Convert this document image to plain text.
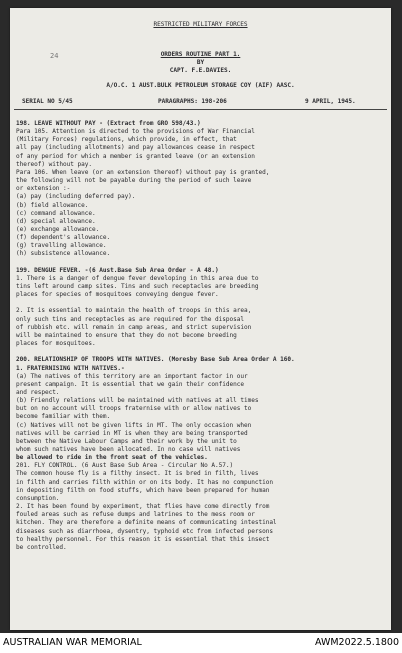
RESTRICTED MILITARY FORCES
ORDERS ROUTINE PART 1.
BY
CAPT. F.E.DAVIES.
A/O.C. 1 AUST.BULK PETROLEUM STORAGE COY (AIF) AASC.
24
SERIAL NO 5/45	PARAGRAPHS: 198-206	9 APRIL, 1945.
198. LEAVE WITHOUT PAY - (Extract from GRO 598/43.)
Para 105. Attention is directed to the provisions of War Financial
(Military Forces) regulations, which provide, in effect, that
all pay (including allotments) and pay allowances cease in respect
of any period for which a member is granted leave (or an extension
thereof) without pay.
Para 106. When leave (or an extension thereof) without pay is granted,
the following will not be payable during the period of such leave
or extension :-
(a) pay (including deferred pay).
(b) field allowance.
(c) command allowance.
(d) special allowance.
(e) exchange allowance.
(f) dependent's allowance.
(g) travelling allowance.
(h) subsistence allowance.
199. DENGUE FEVER. -(6 Aust.Base Sub Area Order - A 48.)
1. There is a danger of dengue fever developing in this area due to
tins left around camp sites. Tins and such receptacles are breeding
places for species of mosquitoes conveying dengue fever.
2. It is essential to maintain the health of troops in this area,
only such tins and receptacles as are required for the disposal
of rubbish etc. will remain in camp areas, and strict supervision
will be maintained to ensure that they do not become breeding
places for mosquitoes.
200. RELATIONSHIP OF TROOPS WITH NATIVES. (Moresby Base Sub Area Order A 160.
1. FRATERNISING WITH NATIVES.-
(a) The natives of this territory are an important factor in our
present campaign. It is essential that we gain their confidence
and respect.
(b) Friendly relations will be maintained with natives at all times
but on no account will troops fraternise with or allow natives to
become familiar with them.
(c) Natives will not be given lifts in MT. The only occasion when
natives will be carried in MT is when they are being transported
between the Native Labour Camps and their work by the unit to
whom such natives have been allocated. In no case will natives
be allowed to ride in the front seat of the vehicles.
201. FLY CONTROL. (6 Aust Base Sub Area - Circular No A.57.)
The common house fly is a filthy insect. It is bred in filth, lives
in filth and carries filth within or on its body. It has no compunction
in depositing filth on food stuffs, which have been prepared for human
consumption.
2. It has been found by experiment, that flies have come directly from
fouled areas such as refuse dumps and latrines to the mess room or
kitchen. They are therefore a definite means of communicating intestinal
diseases such as diarrhoea, dysentry, typhoid etc from infected persons
to healthy personnel. For this reason it is essential that this insect
be controlled.
AUSTRALIAN WAR MEMORIAL	AWM2022.5.1800
